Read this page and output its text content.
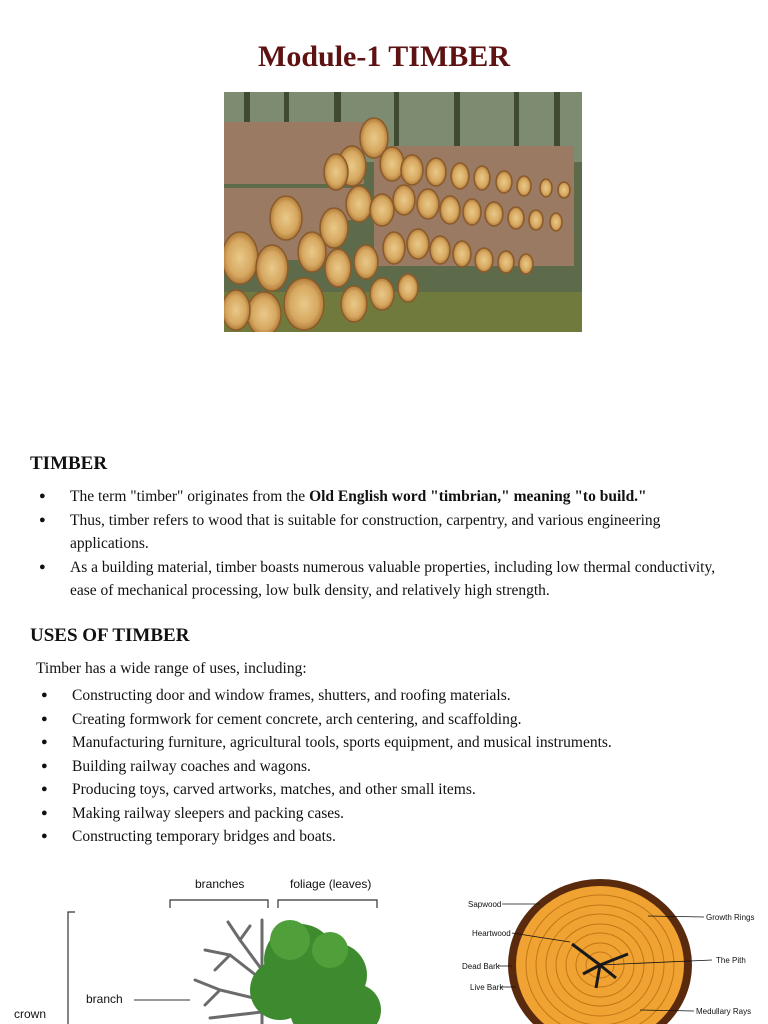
Module-1 TIMBER
TIMBER
● The term "timber" originates from the Old English word "timbrian," meaning "to build."
● Thus, timber refers to wood that is suitable for construction, carpentry, and various engineering applications.
● As a building material, timber boasts numerous valuable properties, including low thermal conductivity, ease of mechanical processing, low bulk density, and relatively high strength.
USES OF TIMBER
Timber has a wide range of uses, including:
● Constructing door and window frames, shutters, and roofing materials.
● Creating formwork for cement concrete, arch centering, and scaffolding.
● Manufacturing furniture, agricultural tools, sports equipment, and musical instruments.
● Building railway coaches and wagons.
● Producing toys, carved artworks, matches, and other small items.
● Making railway sleepers and packing cases.
● Constructing temporary bridges and boats.
branches	foliage (leaves)
crown
branch
Sapwood
Heartwood
Dead Bark
Live Bark
Growth Rings
The Pith
Medullary Rays
